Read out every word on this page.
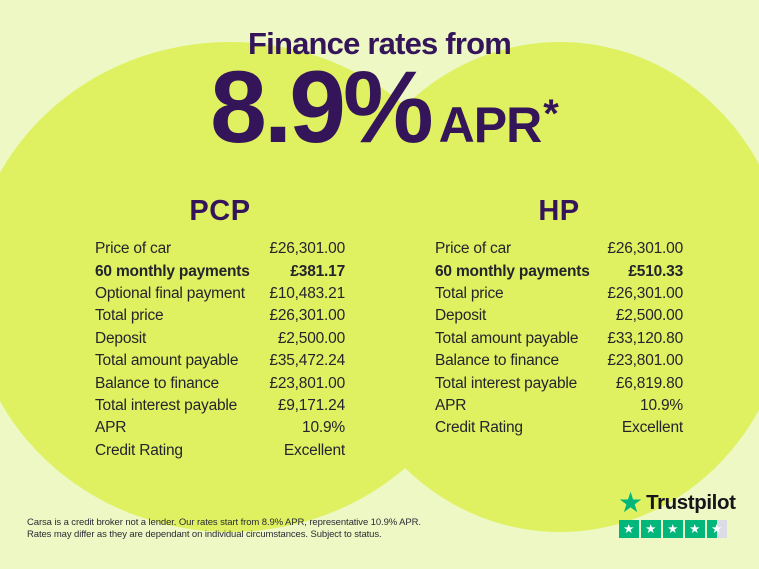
Finance rates from
8.9% APR *
PCP
Price of car	£26,301.00
60 monthly payments	£381.17
Optional final payment £10,483.21
Total price	£26,301.00
Deposit	£2,500.00
Total amount payable £35,472.24
Balance to finance	£23,801.00
Total interest payable	£9,171.24
APR	10.9%
Credit Rating	Excellent
HP
Price of car	£26,301.00
60 monthly payments £510.33
Total price	£26,301.00
Deposit	£2,500.00
Total amount payable £33,120.80
Balance to finance	£23,801.00
Total interest payable	£6,819.80
APR	10.9%
Credit Rating	Excellent

Carsa is a credit broker not a lender. Our rates start from 8.9% APR, representative 10.9% APR.
Rates may differ as they are dependant on individual circumstances. Subject to status.

★ Trustpilot
★ ★ ★ ★ ★
